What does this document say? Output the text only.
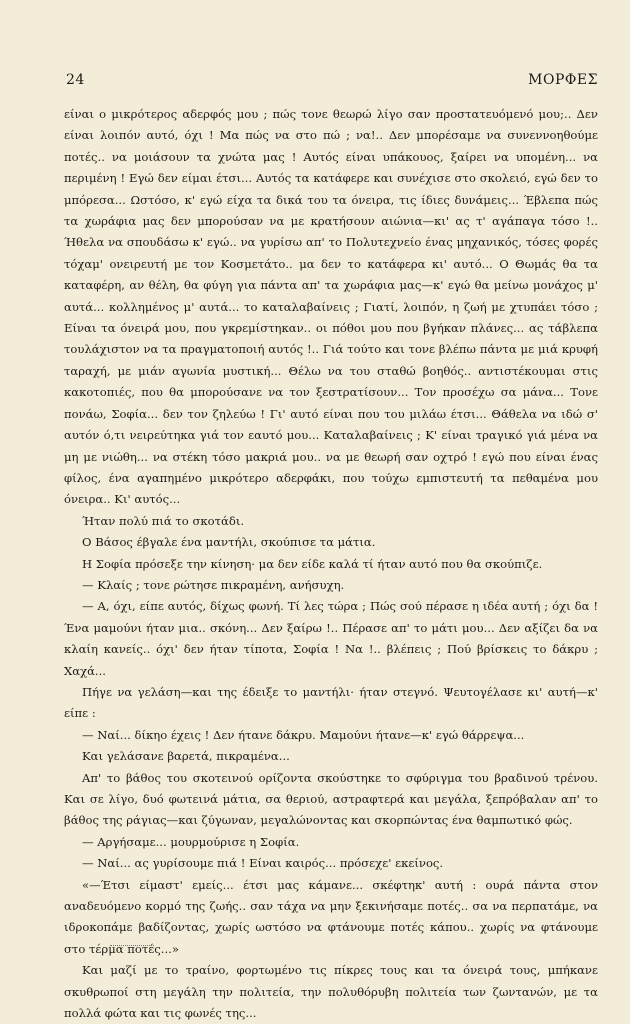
24	ΜΟΡΦΕΣ

είναι ο μικρότερος αδερφός μου ; πώς τονε θεωρώ λίγο σαν προστατευόμενό μου;.. Δεν είναι λοιπόν αυτό, όχι ! Μα πώς να στο πώ ; να!.. Δεν μπορέσαμε να συνεννοηθούμε ποτές.. να μοιάσουν τα χνώτα μας ! Αυτός είναι υπάκουος, ξαίρει να υπομένη... να περιμένη ! Εγώ δεν είμαι έτσι... Αυτός τα κατάφερε και συνέχισε στο σκολειό, εγώ δεν το μπόρεσα... Ωστόσο, κ' εγώ είχα τα δικά του τα όνειρα, τις ίδιες δυνάμεις... Έβλεπα πώς τα χωράφια μας δεν μπορούσαν να με κρατήσουν αιώνια—κι' ας τ' αγάπαγα τόσο !.. Ήθελα να σπουδάσω κ' εγώ.. να γυρίσω απ' το Πολυτεχνείο ένας μηχανικός, τόσες φορές τόχαμ' ονειρευτή με τον Κοσμετάτο.. μα δεν το κατάφερα κι' αυτό... Ο Θωμάς θα τα καταφέρη, αν θέλη, θα φύγη για πάντα απ' τα χωράφια μας—κ' εγώ θα μείνω μονάχος μ' αυτά... κολλημένος μ' αυτά... το καταλαβαίνεις ; Γιατί, λοιπόν, η ζωή με χτυπάει τόσο ; Είναι τα όνειρά μου, που γκρεμίστηκαν.. οι πόθοι μου που βγήκαν πλάνες... ας τάβλεπα τουλάχιστον να τα πραγματοποιή αυτός !.. Γιά τούτο και τονε βλέπω πάντα με μιά κρυφή ταραχή, με μιάν αγωνία μυστική... Θέλω να του σταθώ βοηθός.. αντιστέκουμαι στις κακοτοπιές, που θα μπορούσανε να τον ξεστρατίσουν... Τον προσέχω σα μάνα... Τονε πονάω, Σοφία... δεν τον ζηλεύω ! Γι' αυτό είναι που του μιλάω έτσι... Θάθελα να ιδώ σ' αυτόν ό,τι νειρεύτηκα γιά τον εαυτό μου... Καταλαβαίνεις ; Κ' είναι τραγικό γιά μένα να μη με νιώθη... να στέκη τόσο μακριά μου.. να με θεωρή σαν οχτρό ! εγώ που είναι ένας φίλος, ένα αγαπημένο μικρότερο αδερφάκι, που τούχω εμπιστευτή τα πεθαμένα μου όνειρα.. Κι' αυτός...

Ήταν πολύ πιά το σκοτάδι.

Ο Βάσος έβγαλε ένα μαντήλι, σκούπισε τα μάτια.

Η Σοφία πρόσεξε την κίνηση· μα δεν είδε καλά τί ήταν αυτό που θα σκούπιζε.

— Κλαίς ; τονε ρώτησε πικραμένη, ανήσυχη.

— Α, όχι, είπε αυτός, δίχως φωνή. Τί λες τώρα ; Πώς σού πέρασε η ιδέα αυτή ; όχι δα ! Ένα μαμούνι ήταν μια.. σκόνη... Δεν ξαίρω !.. Πέρασε απ' το μάτι μου... Δεν αξίζει δα να κλαίη κανείς.. όχι' δεν ήταν τίποτα, Σοφία ! Να !.. βλέπεις ; Πού βρίσκεις το δάκρυ ; Χαχά...

Πήγε να γελάση—και της έδειξε το μαντήλι· ήταν στεγνό. Ψευτογέλασε κι' αυτή—κ' είπε :

— Ναί... δίκηο έχεις ! Δεν ήτανε δάκρυ. Μαμούνι ήτανε—κ' εγώ θάρρεψα...

Και γελάσανε βαρετά, πικραμένα...

Απ' το βάθος του σκοτεινού ορίζοντα σκούστηκε το σφύριγμα του βραδινού τρένου. Και σε λίγο, δυό φωτεινά μάτια, σα θεριού, αστραφτερά και μεγάλα, ξεπρόβαλαν απ' το βάθος της ράγιας—και ζύγωναν, μεγαλώνοντας και σκορπώντας ένα θαμπωτικό φώς.

— Αργήσαμε... μουρμούρισε η Σοφία.

— Ναί... ας γυρίσουμε πιά ! Είναι καιρός... πρόσεχε' εκείνος.

«—Έτσι είμαστ' εμείς... έτσι μας κάμανε... σκέφτηκ' αυτή : ουρά πάντα στον αναδευόμενο κορμό της ζωής.. σαν τάχα να μην ξεκινήσαμε ποτές.. σα να περπατάμε, να ιδροκοπάμε βαδίζοντας, χωρίς ωστόσο να φτάνουμε ποτές κάπου.. χωρίς να φτάνουμε στο τέρμα ποτές...»

Και μαζί με το τραίνο, φορτωμένο τις πίκρες τους και τα όνειρά τους, μπήκανε σκυθρωποί στη μεγάλη την πολιτεία, την πολυθόρυβη πολιτεία των ζωντανών, με τα πολλά φώτα και τις φωνές της...
